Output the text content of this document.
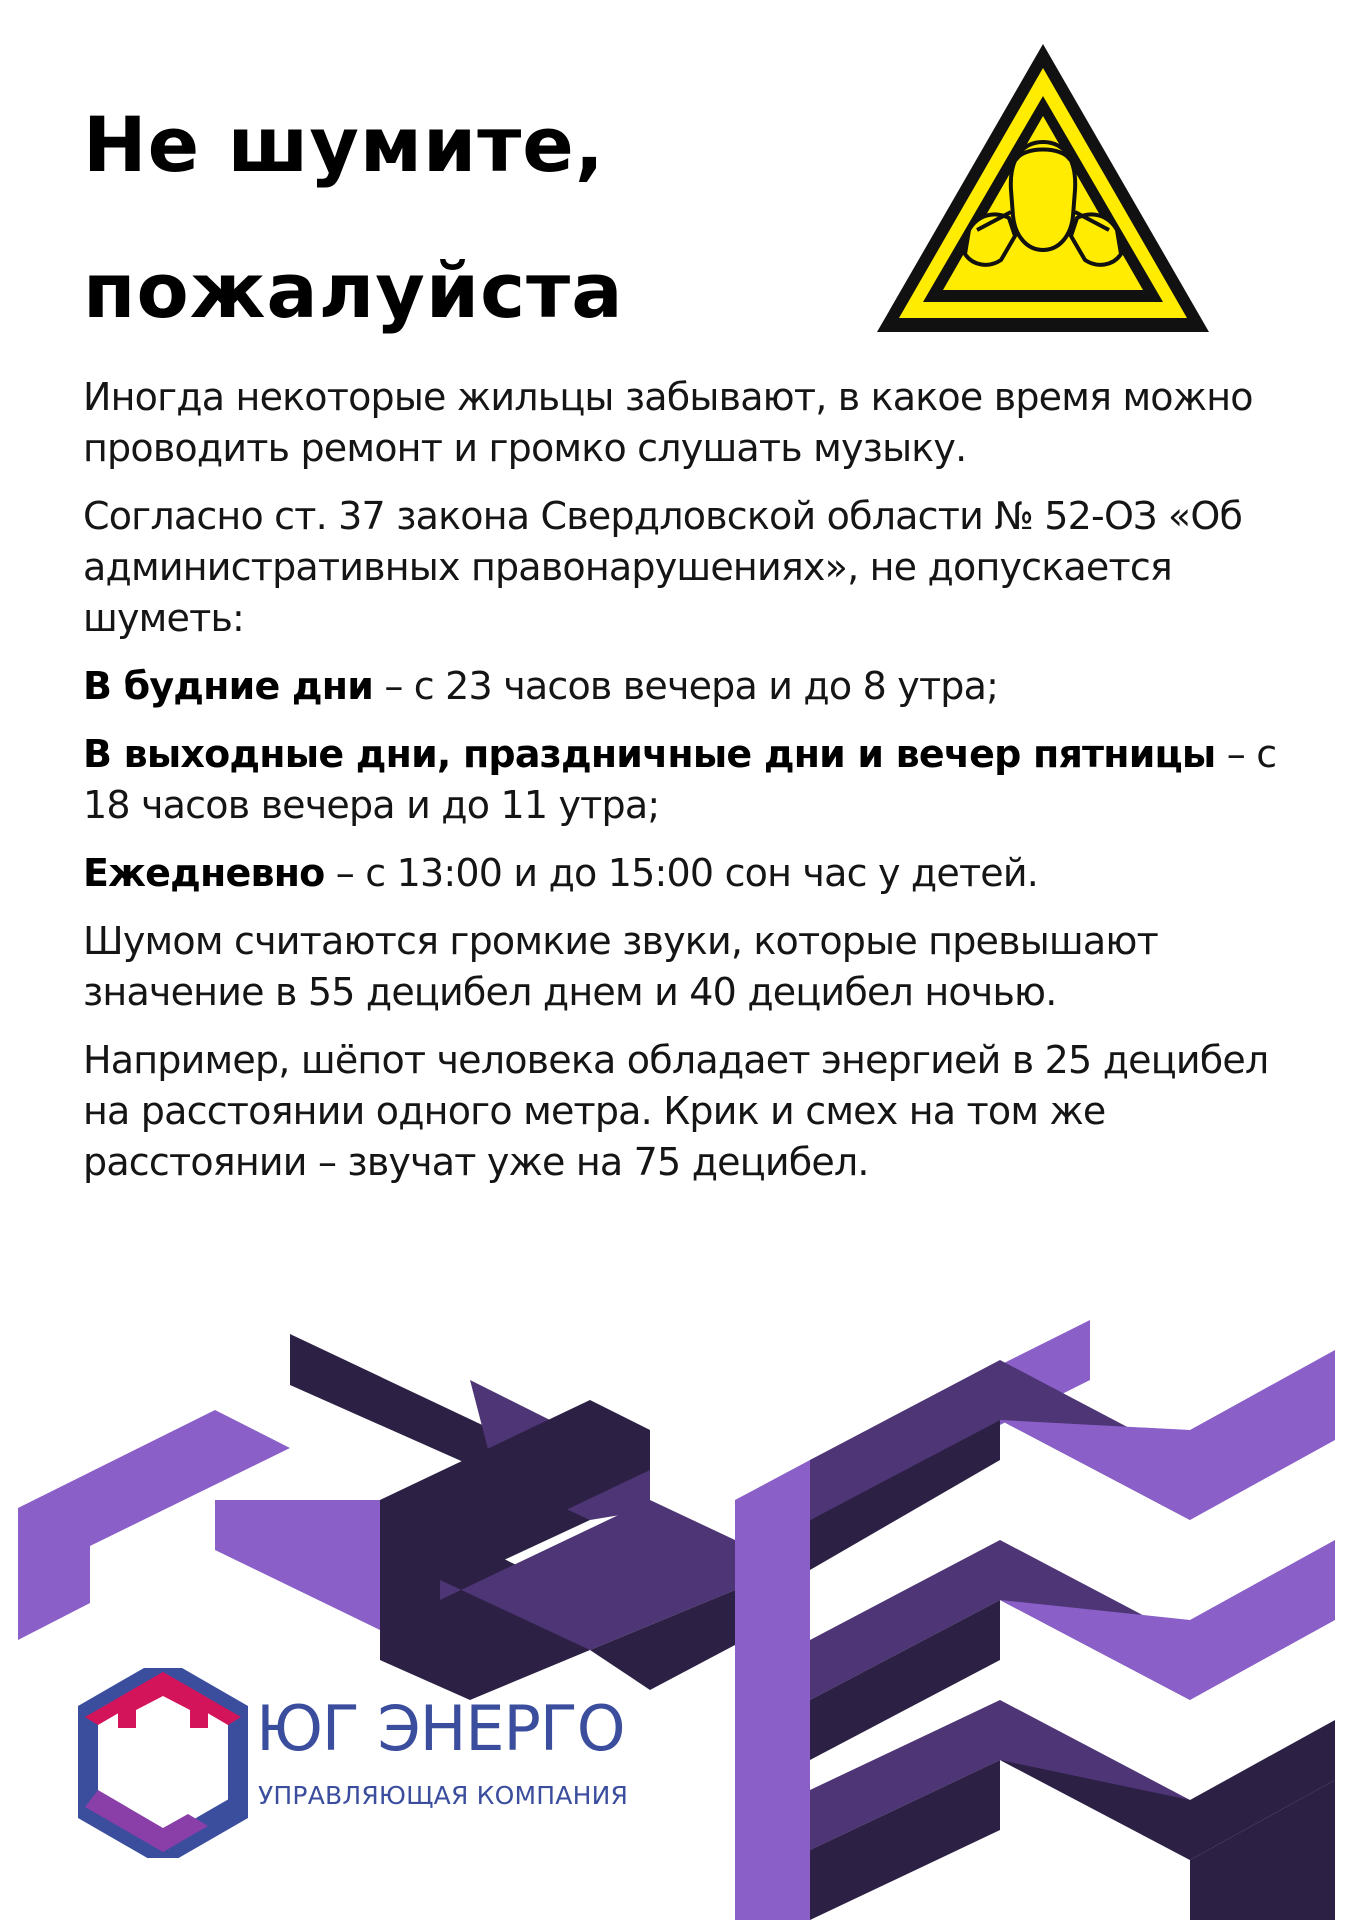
Не шумите,
пожалуйста

Иногда некоторые жильцы забывают, в какое время можно проводить ремонт и громко слушать музыку.

Согласно ст. 37 закона Свердловской области № 52-ОЗ «Об административных правонарушениях», не допускается шуметь:

В будние дни – с 23 часов вечера и до 8 утра;

В выходные дни, праздничные дни и вечер пятницы – с 18 часов вечера и до 11 утра;

Ежедневно – с 13:00 и до 15:00 сон час у детей.

Шумом считаются громкие звуки, которые превышают значение в 55 децибел днем и 40 децибел ночью.

Например, шёпот человека обладает энергией в 25 децибел на расстоянии одного метра. Крик и смех на том же расстоянии – звучат уже на 75 децибел.

ЮГ ЭНЕРГО

УПРАВЛЯЮЩАЯ КОМПАНИЯ
